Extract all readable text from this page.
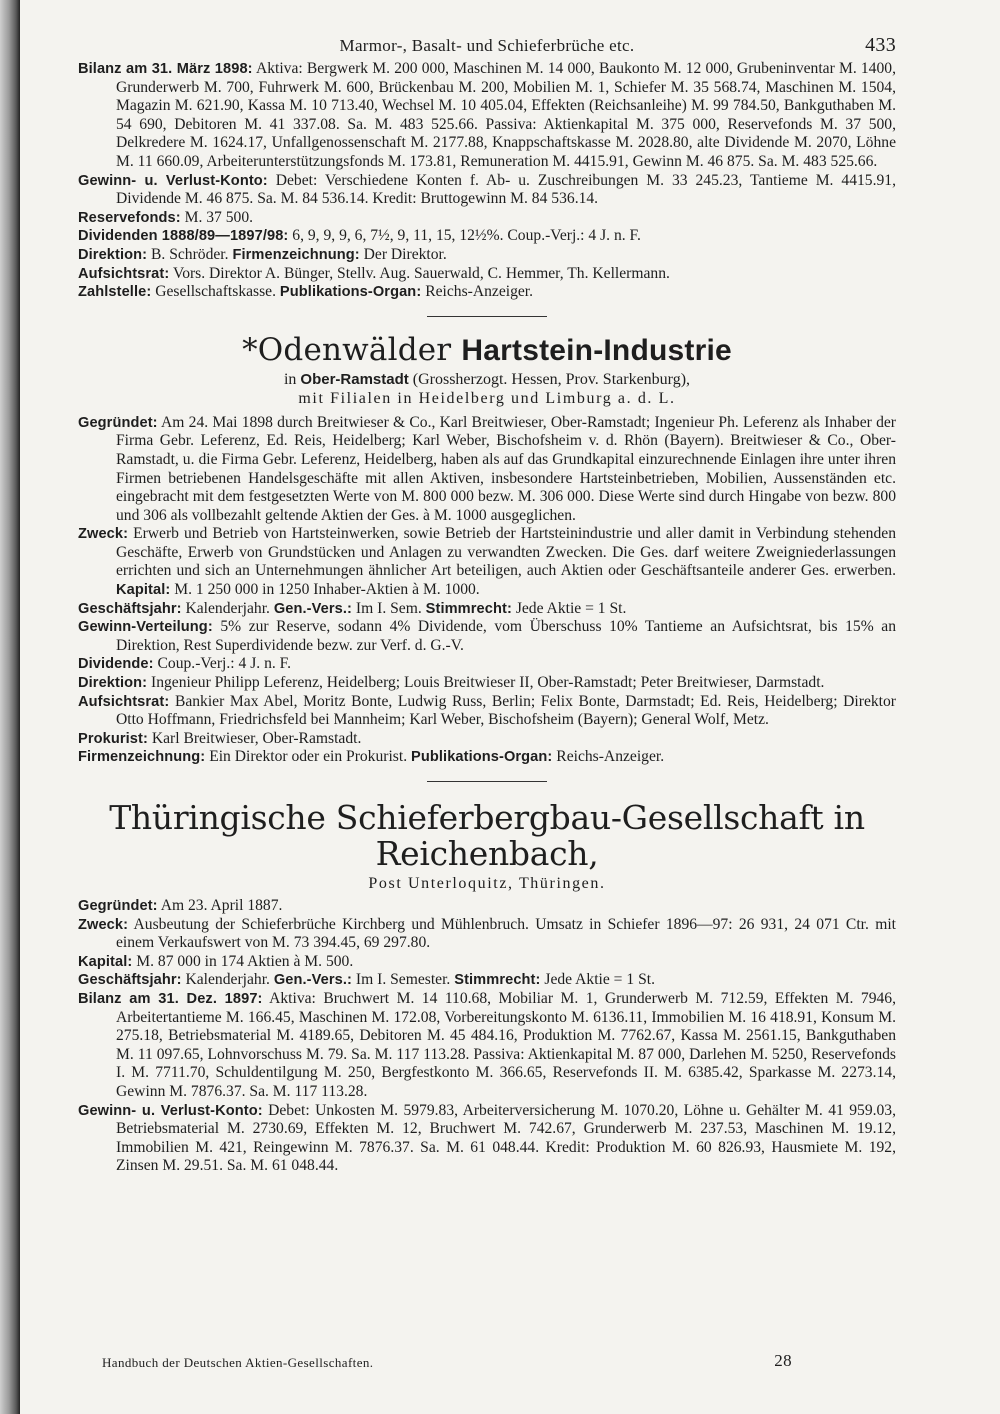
Marmor-, Basalt- und Schieferbrüche etc.	433

Bilanz am 31. März 1898: Aktiva: Bergwerk M. 200 000, Maschinen M. 14 000, Baukonto M. 12 000, Grubeninventar M. 1400, Grunderwerb M. 700, Fuhrwerk M. 600, Brückenbau M. 200, Mobilien M. 1, Schiefer M. 35 568.74, Maschinen M. 1504, Magazin M. 621.90, Kassa M. 10 713.40, Wechsel M. 10 405.04, Effekten (Reichsanleihe) M. 99 784.50, Bankguthaben M. 54 690, Debitoren M. 41 337.08. Sa. M. 483 525.66. Passiva: Aktienkapital M. 375 000, Reservefonds M. 37 500, Delkredere M. 1624.17, Unfallgenossenschaft M. 2177.88, Knappschaftskasse M. 2028.80, alte Dividende M. 2070, Löhne M. 11 660.09, Arbeiterunterstützungsfonds M. 173.81, Remuneration M. 4415.91, Gewinn M. 46 875. Sa. M. 483 525.66.

Gewinn- u. Verlust-Konto: Debet: Verschiedene Konten f. Ab- u. Zuschreibungen M. 33 245.23, Tantieme M. 4415.91, Dividende M. 46 875. Sa. M. 84 536.14. Kredit: Bruttogewinn M. 84 536.14.

Reservefonds: M. 37 500.

Dividenden 1888/89—1897/98: 6, 9, 9, 9, 6, 7½, 9, 11, 15, 12½%. Coup.-Verj.: 4 J. n. F.

Direktion: B. Schröder. Firmenzeichnung: Der Direktor.

Aufsichtsrat: Vors. Direktor A. Bünger, Stellv. Aug. Sauerwald, C. Hemmer, Th. Kellermann.

Zahlstelle: Gesellschaftskasse. Publikations-Organ: Reichs-Anzeiger.

*Odenwälder Hartstein-Industrie
in Ober-Ramstadt (Grossherzogt. Hessen, Prov. Starkenburg),
mit Filialen in Heidelberg und Limburg a. d. L.

Gegründet: Am 24. Mai 1898 durch Breitwieser & Co., Karl Breitwieser, Ober-Ramstadt; Ingenieur Ph. Leferenz als Inhaber der Firma Gebr. Leferenz, Ed. Reis, Heidelberg; Karl Weber, Bischofsheim v. d. Rhön (Bayern). Breitwieser & Co., Ober-Ramstadt, u. die Firma Gebr. Leferenz, Heidelberg, haben als auf das Grundkapital einzurechnende Einlagen ihre unter ihren Firmen betriebenen Handelsgeschäfte mit allen Aktiven, insbesondere Hartsteinbetrieben, Mobilien, Aussenständen etc. eingebracht mit dem festgesetzten Werte von M. 800 000 bezw. M. 306 000. Diese Werte sind durch Hingabe von bezw. 800 und 306 als vollbezahlt geltende Aktien der Ges. à M. 1000 ausgeglichen.

Zweck: Erwerb und Betrieb von Hartsteinwerken, sowie Betrieb der Hartsteinindustrie und aller damit in Verbindung stehenden Geschäfte, Erwerb von Grundstücken und Anlagen zu verwandten Zwecken. Die Ges. darf weitere Zweigniederlassungen errichten und sich an Unternehmungen ähnlicher Art beteiligen, auch Aktien oder Geschäftsanteile anderer Ges. erwerben. Kapital: M. 1 250 000 in 1250 Inhaber-Aktien à M. 1000.

Geschäftsjahr: Kalenderjahr. Gen.-Vers.: Im I. Sem. Stimmrecht: Jede Aktie = 1 St.

Gewinn-Verteilung: 5% zur Reserve, sodann 4% Dividende, vom Überschuss 10% Tantieme an Aufsichtsrat, bis 15% an Direktion, Rest Superdividende bezw. zur Verf. d. G.-V.

Dividende: Coup.-Verj.: 4 J. n. F.

Direktion: Ingenieur Philipp Leferenz, Heidelberg; Louis Breitwieser II, Ober-Ramstadt; Peter Breitwieser, Darmstadt.

Aufsichtsrat: Bankier Max Abel, Moritz Bonte, Ludwig Russ, Berlin; Felix Bonte, Darmstadt; Ed. Reis, Heidelberg; Direktor Otto Hoffmann, Friedrichsfeld bei Mannheim; Karl Weber, Bischofsheim (Bayern); General Wolf, Metz.

Prokurist: Karl Breitwieser, Ober-Ramstadt.

Firmenzeichnung: Ein Direktor oder ein Prokurist. Publikations-Organ: Reichs-Anzeiger.

Thüringische Schieferbergbau-Gesellschaft in Reichenbach,
Post Unterloquitz, Thüringen.

Gegründet: Am 23. April 1887.

Zweck: Ausbeutung der Schieferbrüche Kirchberg und Mühlenbruch. Umsatz in Schiefer 1896—97: 26 931, 24 071 Ctr. mit einem Verkaufswert von M. 73 394.45, 69 297.80.

Kapital: M. 87 000 in 174 Aktien à M. 500.

Geschäftsjahr: Kalenderjahr. Gen.-Vers.: Im I. Semester. Stimmrecht: Jede Aktie = 1 St.

Bilanz am 31. Dez. 1897: Aktiva: Bruchwert M. 14 110.68, Mobiliar M. 1, Grunderwerb M. 712.59, Effekten M. 7946, Arbeitertantieme M. 166.45, Maschinen M. 172.08, Vorbereitungskonto M. 6136.11, Immobilien M. 16 418.91, Konsum M. 275.18, Betriebsmaterial M. 4189.65, Debitoren M. 45 484.16, Produktion M. 7762.67, Kassa M. 2561.15, Bankguthaben M. 11 097.65, Lohnvorschuss M. 79. Sa. M. 117 113.28. Passiva: Aktienkapital M. 87 000, Darlehen M. 5250, Reservefonds I. M. 7711.70, Schuldentilgung M. 250, Bergfestkonto M. 366.65, Reservefonds II. M. 6385.42, Sparkasse M. 2273.14, Gewinn M. 7876.37. Sa. M. 117 113.28.

Gewinn- u. Verlust-Konto: Debet: Unkosten M. 5979.83, Arbeiterversicherung M. 1070.20, Löhne u. Gehälter M. 41 959.03, Betriebsmaterial M. 2730.69, Effekten M. 12, Bruchwert M. 742.67, Grunderwerb M. 237.53, Maschinen M. 19.12, Immobilien M. 421, Reingewinn M. 7876.37. Sa. M. 61 048.44. Kredit: Produktion M. 60 826.93, Hausmiete M. 192, Zinsen M. 29.51. Sa. M. 61 048.44.

Handbuch der Deutschen Aktien-Gesellschaften.	28
